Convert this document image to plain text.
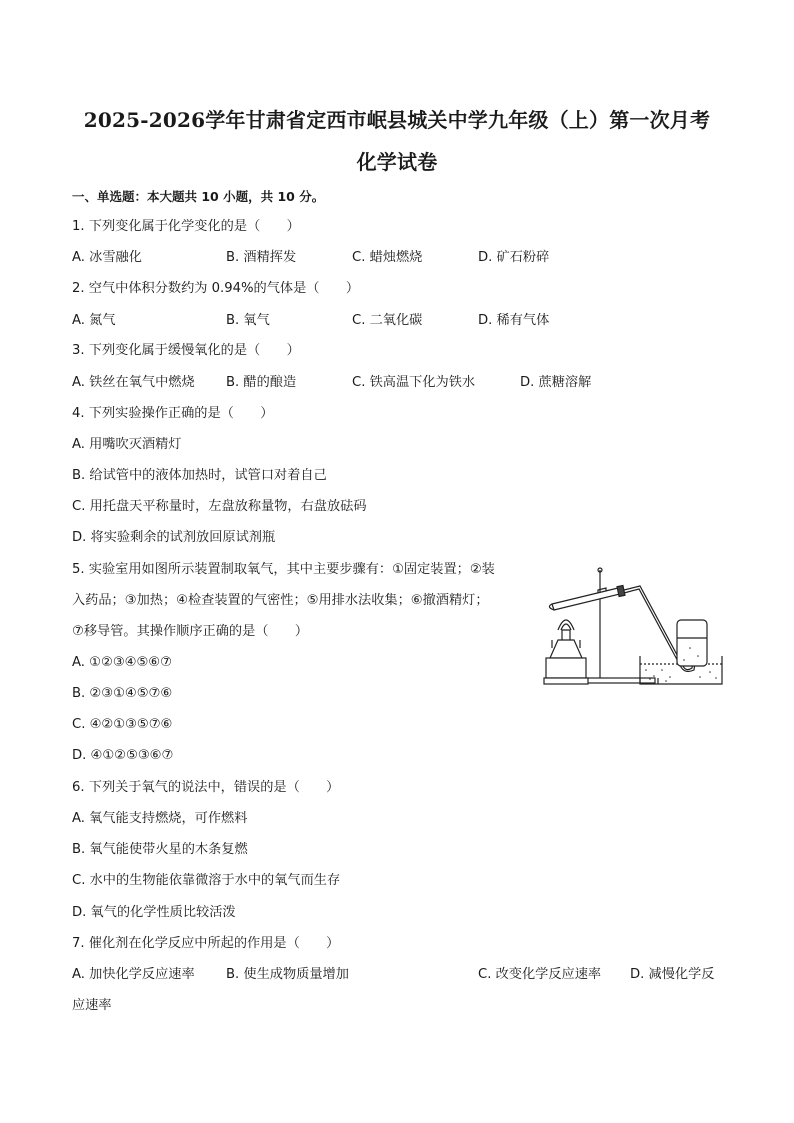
2025-2026学年甘肃省定西市岷县城关中学九年级（上）第一次月考
化学试卷
一、单选题：本大题共 10 小题，共 10 分。
1. 下列变化属于化学变化的是（　　）
A. 冰雪融化	B. 酒精挥发	C. 蜡烛燃烧	D. 矿石粉碎
2. 空气中体积分数约为 0.94%的气体是（　　）
A. 氮气	B. 氧气	C. 二氧化碳	D. 稀有气体
3. 下列变化属于缓慢氧化的是（　　）
A. 铁丝在氧气中燃烧 B. 醋的酿造	C. 铁高温下化为铁水	D. 蔗糖溶解
4. 下列实验操作正确的是（　　）
A. 用嘴吹灭酒精灯
B. 给试管中的液体加热时，试管口对着自己
C. 用托盘天平称量时，左盘放称量物，右盘放砝码
D. 将实验剩余的试剂放回原试剂瓶
5. 实验室用如图所示装置制取氧气，其中主要步骤有：①固定装置；②装
入药品；③加热；④检查装置的气密性；⑤用排水法收集；⑥撤酒精灯；
⑦移导管。其操作顺序正确的是（　　）
A. ①②③④⑤⑥⑦
B. ②③①④⑤⑦⑥
C. ④②①③⑤⑦⑥
D. ④①②⑤③⑥⑦
6. 下列关于氧气的说法中，错误的是（　　）
A. 氧气能支持燃烧，可作燃料
B. 氧气能使带火星的木条复燃
C. 水中的生物能依靠微溶于水中的氧气而生存
D. 氧气的化学性质比较活泼
7. 催化剂在化学反应中所起的作用是（　　）
A. 加快化学反应速率 B. 使生成物质量增加	C. 改变化学反应速率 D. 减慢化学反
应速率
